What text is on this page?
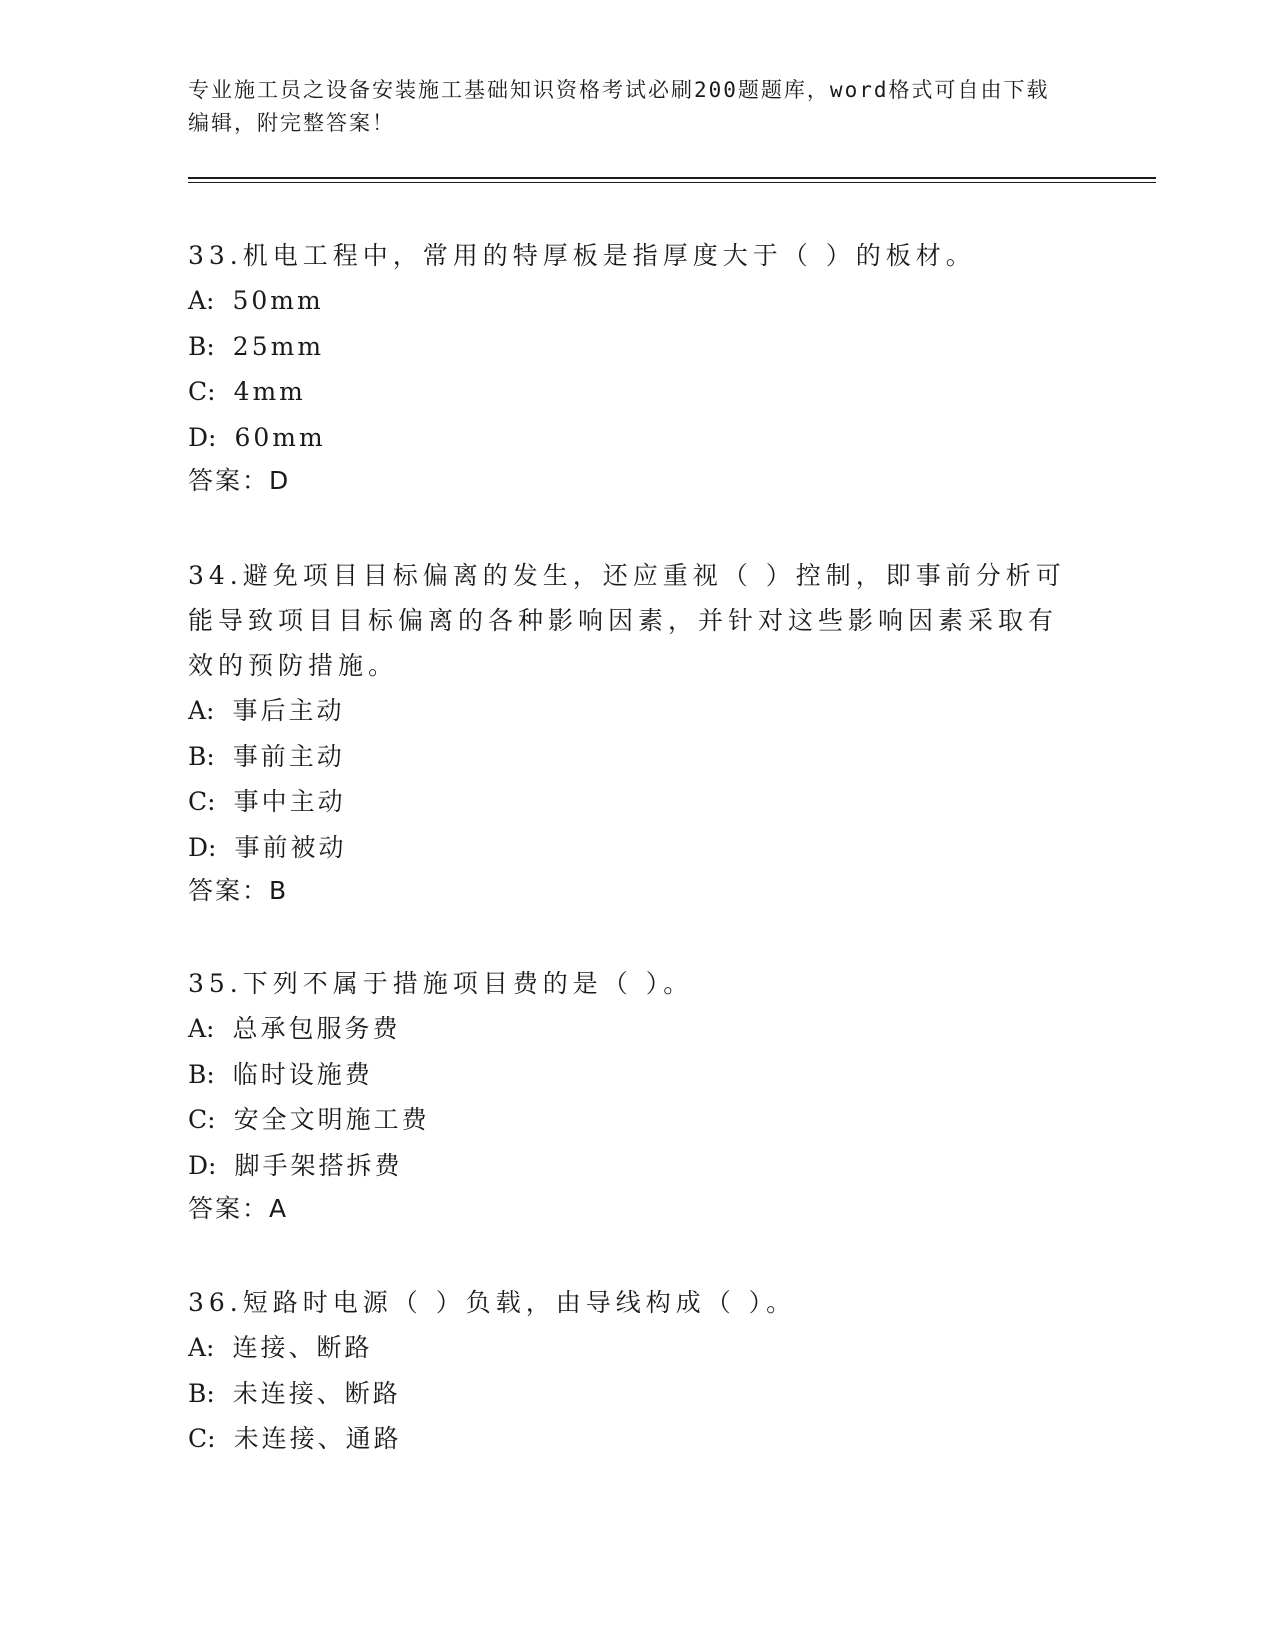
专业施工员之设备安装施工基础知识资格考试必刷200题题库，word格式可自由下载编辑，附完整答案！

33.机电工程中，常用的特厚板是指厚度大于（ ）的板材。

A: 50mm

B: 25mm

C: 4mm

D: 60mm

答案：D

34.避免项目目标偏离的发生，还应重视（ ）控制，即事前分析可能导致项目目标偏离的各种影响因素，并针对这些影响因素采取有效的预防措施。

A: 事后主动

B: 事前主动

C: 事中主动

D: 事前被动

答案：B

35.下列不属于措施项目费的是（ ）。

A: 总承包服务费

B: 临时设施费

C: 安全文明施工费

D: 脚手架搭拆费

答案：A

36.短路时电源（ ）负载，由导线构成（ ）。

A: 连接、断路

B: 未连接、断路

C: 未连接、通路
